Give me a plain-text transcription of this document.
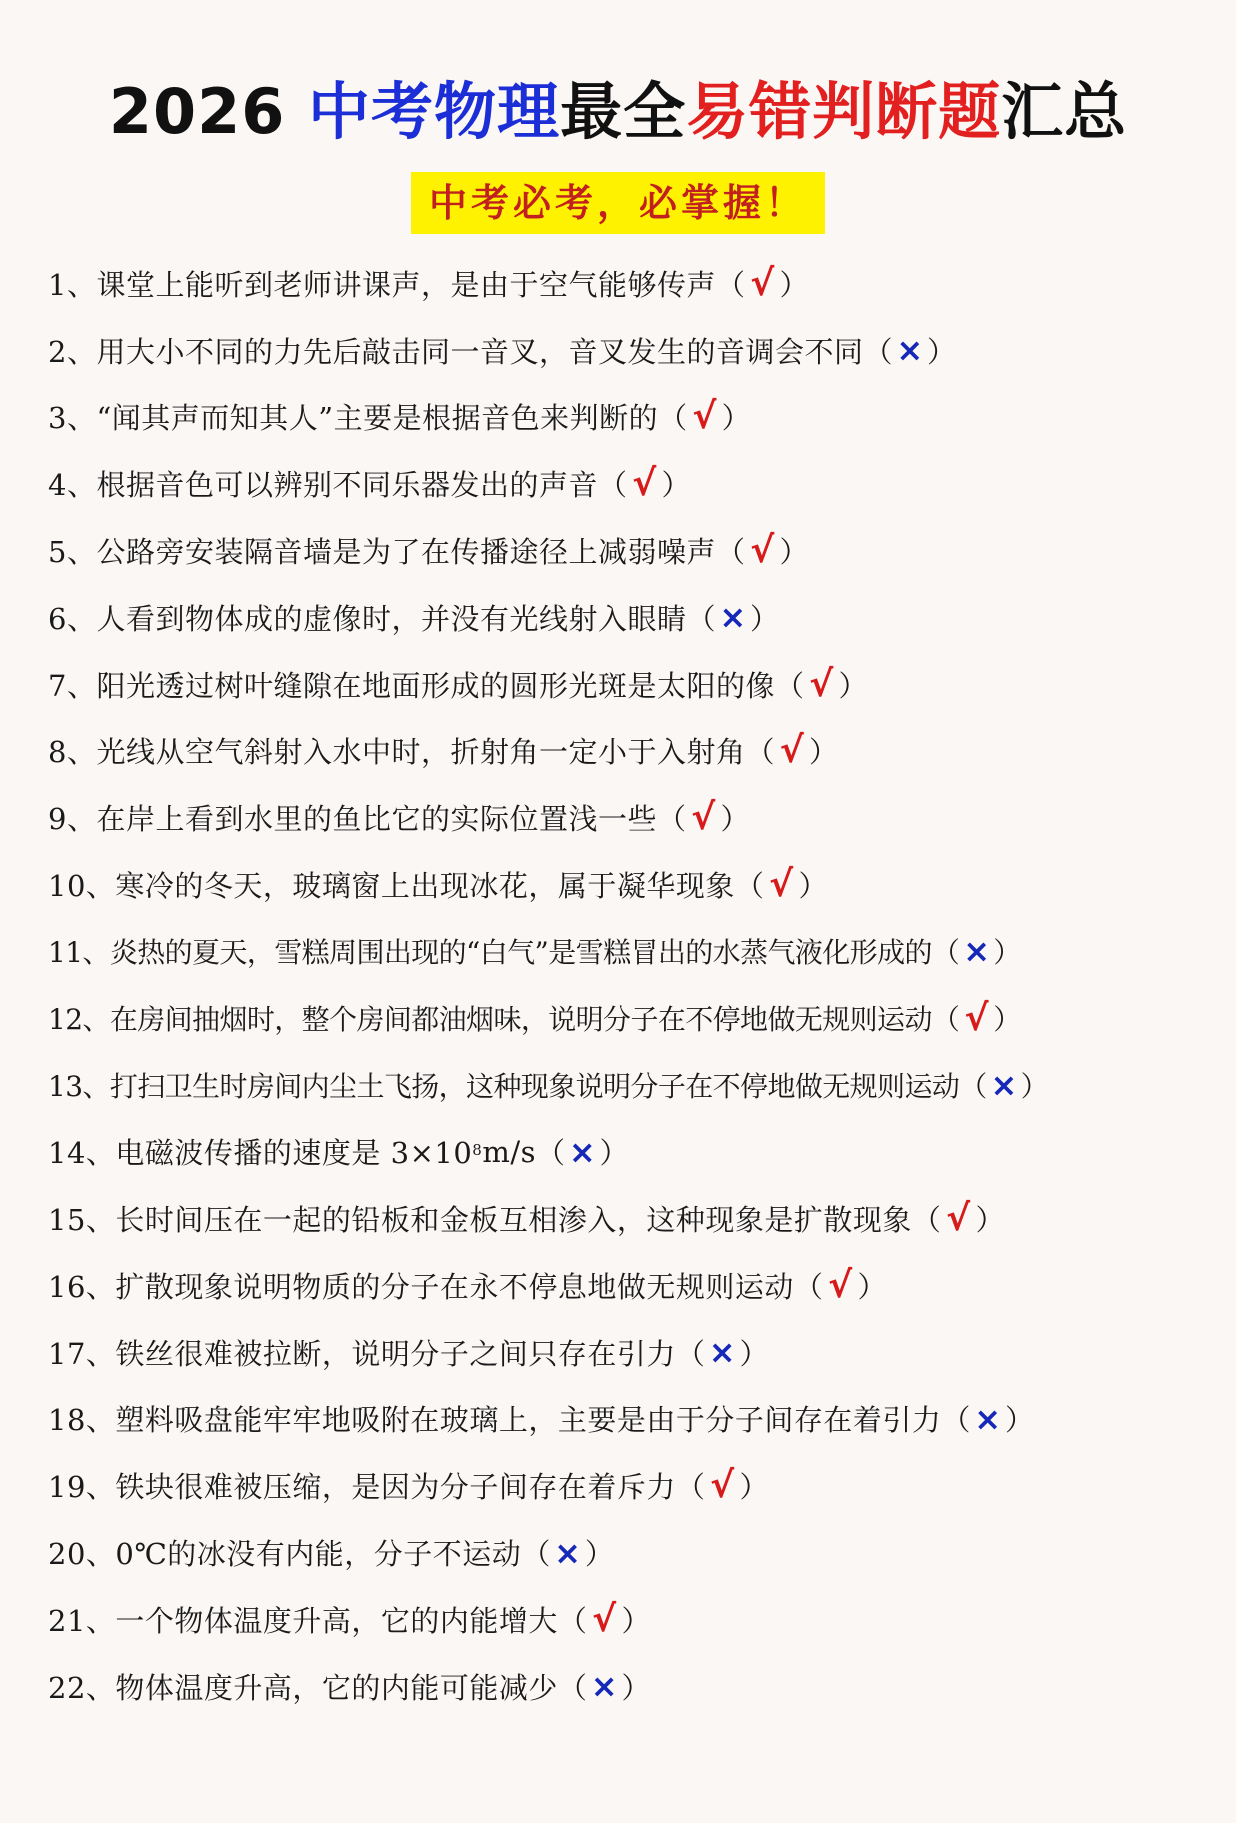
2026 中考物理最全易错判断题汇总
中考必考，必掌握！
1、 课堂上能听到老师讲课声，是由于空气能够传声 （ √ ）
2、 用大小不同的力先后敲击同一音叉，音叉发生的音调会不同 （ × ）
3、 “闻其声而知其人”主要是根据音色来判断的 （ √ ）
4、 根据音色可以辨别不同乐器发出的声音 （ √ ）
5、 公路旁安装隔音墙是为了在传播途径上减弱噪声 （ √ ）
6、 人看到物体成的虚像时，并没有光线射入眼睛 （ × ）
7、 阳光透过树叶缝隙在地面形成的圆形光斑是太阳的像 （ √ ）
8、 光线从空气斜射入水中时，折射角一定小于入射角 （ √ ）
9、 在岸上看到水里的鱼比它的实际位置浅一些 （ √ ）
10、 寒冷的冬天，玻璃窗上出现冰花，属于凝华现象 （ √ ）
11、 炎热的夏天，雪糕周围出现的“白气”是雪糕冒出的水蒸气液化形成的 （ × ）
12、 在房间抽烟时，整个房间都油烟味，说明分子在不停地做无规则运动 （ √ ）
13、 打扫卫生时房间内尘土飞扬，这种现象说明分子在不停地做无规则运动 （ × ）
14、 电磁波传播的速度是 $3\times 10^8$ m/s （ × ）
15、 长时间压在一起的铅板和金板互相渗入，这种现象是扩散现象 （ √ ）
16、 扩散现象说明物质的分子在永不停息地做无规则运动 （ √ ）
17、 铁丝很难被拉断，说明分子之间只存在引力 （ × ）
18、 塑料吸盘能牢牢地吸附在玻璃上，主要是由于分子间存在着引力 （ × ）
19、 铁块很难被压缩，是因为分子间存在着斥力 （ √ ）
20、 0℃的冰没有内能，分子不运动 （ × ）
21、 一个物体温度升高，它的内能增大 （ √ ）
22、 物体温度升高，它的内能可能减少 （ × ）
